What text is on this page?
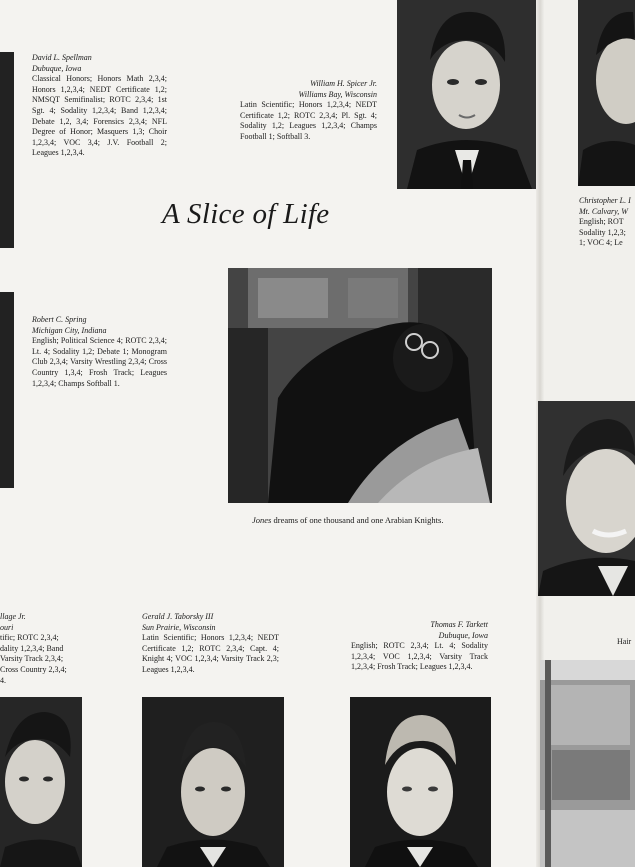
David L. Spellman
Dubuque, Iowa
Classical Honors; Honors Math 2,3,4; Honors 1,2,3,4; NEDT Certificate 1,2; NMSQT Semifinalist; ROTC 2,3,4; 1st Sgt. 4; Sodality 1,2,3,4; Band 1,2,3,4; Debate 1,2, 3,4; Forensics 2,3,4; NFL Degree of Honor; Masquers 1,3; Choir 1,2,3,4; VOC 3,4; J.V. Football 2; Leagues 1,2,3,4.
William H. Spicer Jr.
Williams Bay, Wisconsin
Latin Scientific; Honors 1,2,3,4; NEDT Certificate 1,2; ROTC 2,3,4; Pl. Sgt. 4; Sodality 1,2; Leagues 1,2,3,4; Champs Football 1; Softball 3.
A Slice of Life
Jones dreams of one thousand and one Arabian Knights.
Robert C. Spring
Michigan City, Indiana
English; Political Science 4; ROTC 2,3,4; Lt. 4; Sodality 1,2; Debate 1; Monogram Club 2,3,4; Varsity Wrestling 2,3,4; Cross Country 1,3,4; Frosh Track; Leagues 1,2,3,4; Champs Softball 1.
Gerald J. Taborsky III
Sun Prairie, Wisconsin
Latin Scientific; Honors 1,2,3,4; NEDT Certificate 1,2; ROTC 2,3,4; Capt. 4; Knight 4; VOC 1,2,3,4; Varsity Track 2,3; Leagues 1,2,3,4.
Thomas F. Tarkett
Dubuque, Iowa
English; ROTC 2,3,4; Lt. 4; Sodality 1,2,3,4; VOC 1,2,3,4; Varsity Track 1,2,3,4; Frosh Track; Leagues 1,2,3,4.
llage Jr.
ouri
tific; ROTC 2,3,4;
dality 1,2,3,4; Band
Varsity Track 2,3,4;
Cross Country 2,3,4;
4.
Christopher L. I
Mt. Calvary, W
English; ROT
Sodality 1,2,3;
1; VOC 4; Le
Hair
